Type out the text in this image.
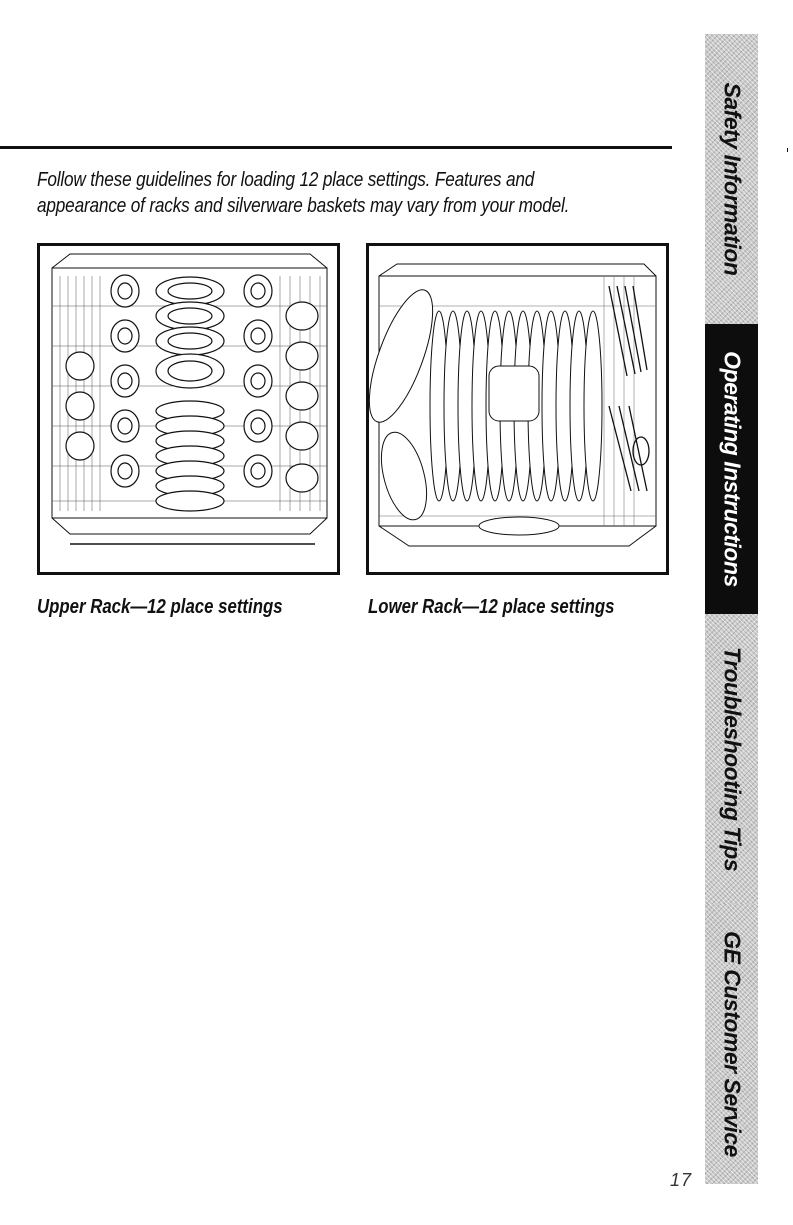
Follow these guidelines for loading 12 place settings. Features and
appearance of racks and silverware baskets may vary from your model.
Upper Rack—12 place settings	Lower Rack—12 place settings
Safety Information
Operating Instructions
Troubleshooting Tips
GE Customer Service
17
